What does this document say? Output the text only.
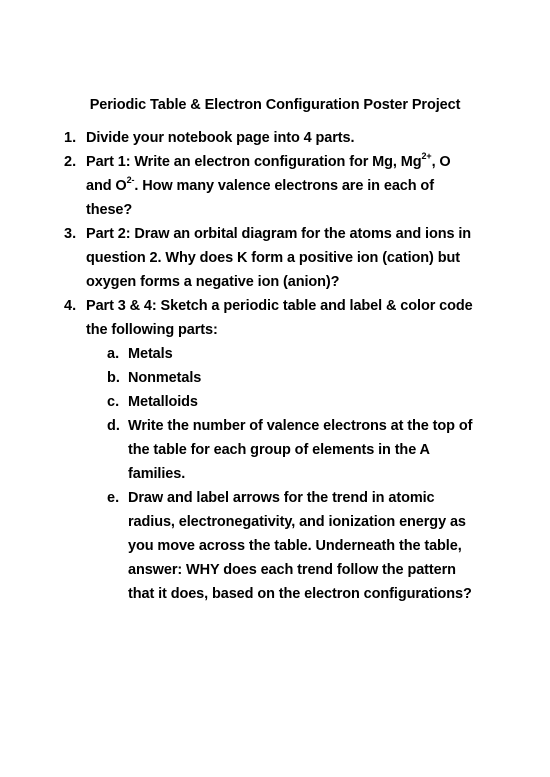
Periodic Table & Electron Configuration Poster Project
1. Divide your notebook page into 4 parts.
2. Part 1: Write an electron configuration for Mg, $Mg^{2+}$, O
and $O^{2-}$. How many valence electrons are in each of
these?
3. Part 2: Draw an orbital diagram for the atoms and ions in
question 2. Why does K form a positive ion (cation) but
oxygen forms a negative ion (anion)?
4. Part 3 & 4: Sketch a periodic table and label & color code
the following parts:
a. Metals
b. Nonmetals
c. Metalloids
d. Write the number of valence electrons at the top of
the table for each group of elements in the A
families.
e. Draw and label arrows for the trend in atomic
radius, electronegativity, and ionization energy as
you move across the table. Underneath the table,
answer: WHY does each trend follow the pattern
that it does, based on the electron configurations?
